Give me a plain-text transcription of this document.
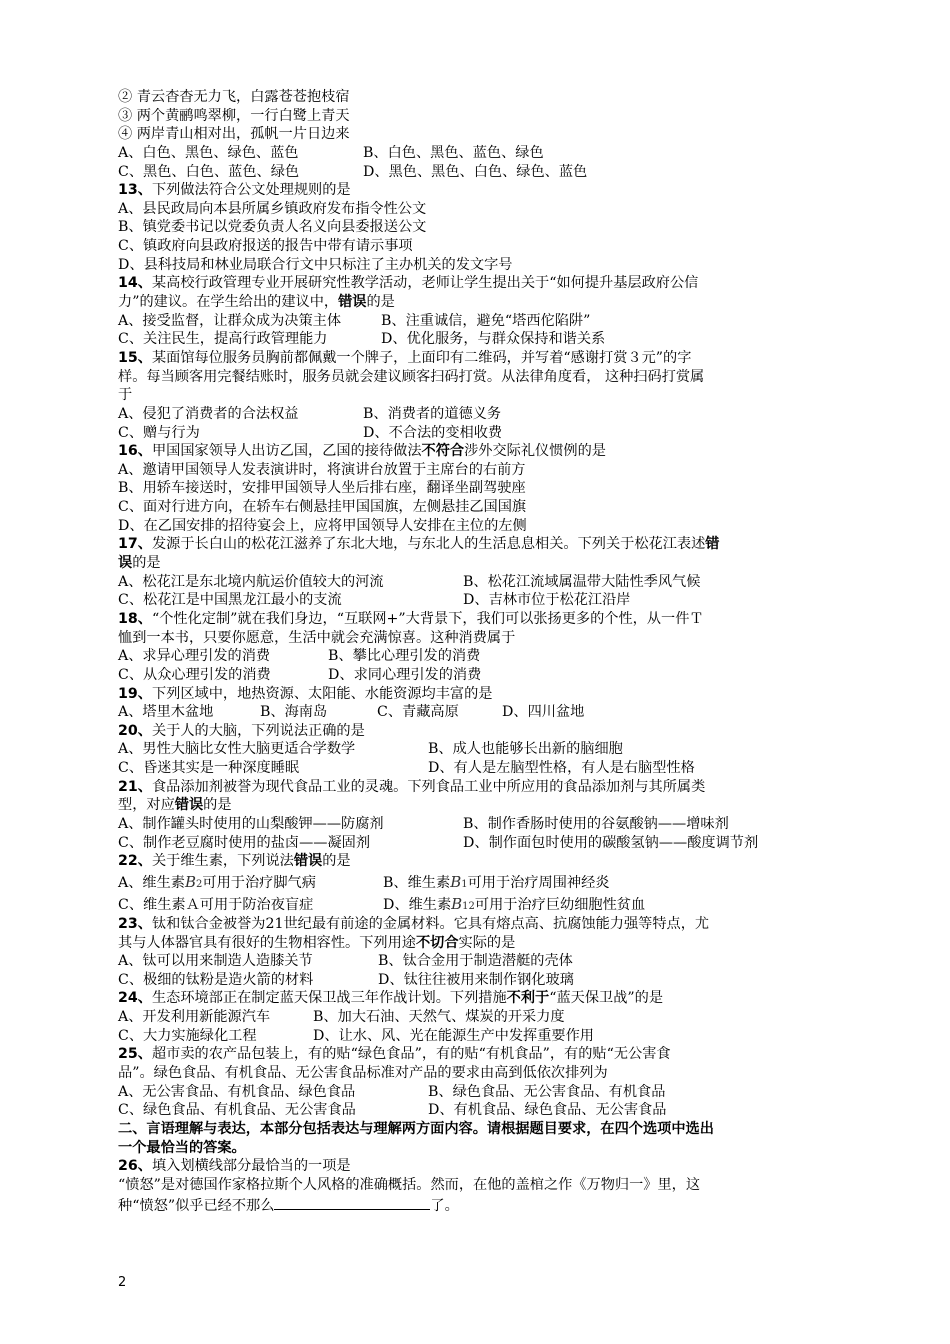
② 青云杳杳无力飞，白露苍苍抱枝宿
③ 两个黄鹂鸣翠柳，一行白鹭上青天
④ 两岸青山相对出，孤帆一片日边来
A、白色、黑色、绿色、蓝色	B、白色、黑色、蓝色、绿色
C、黑色、白色、蓝色、绿色	D、黑色、黑色、白色、绿色、蓝色
13、下列做法符合公文处理规则的是
A、县民政局向本县所属乡镇政府发布指令性公文
B、镇党委书记以党委负责人名义向县委报送公文
C、镇政府向县政府报送的报告中带有请示事项
D、县科技局和林业局联合行文中只标注了主办机关的发文字号
14、某高校行政管理专业开展研究性教学活动，老师让学生提出关于“如何提升基层政府公信
力”的建议。在学生给出的建议中，错误的是
A、接受监督，让群众成为决策主体	B、注重诚信，避免“塔西佗陷阱”
C、关注民生，提高行政管理能力	D、优化服务，与群众保持和谐关系
15、某面馆每位服务员胸前都佩戴一个牌子，上面印有二维码，并写着“感谢打赏３元”的字
样。每当顾客用完餐结账时，服务员就会建议顾客扫码打赏。从法律角度看， 这种扫码打赏属
于
A、侵犯了消费者的合法权益	B、消费者的道德义务
C、赠与行为	D、不合法的变相收费
16、甲国国家领导人出访乙国，乙国的接待做法不符合涉外交际礼仪惯例的是
A、邀请甲国领导人发表演讲时，将演讲台放置于主席台的右前方
B、用轿车接送时，安排甲国领导人坐后排右座，翻译坐副驾驶座
C、面对行进方向，在轿车右侧悬挂甲国国旗，左侧悬挂乙国国旗
D、在乙国安排的招待宴会上，应将甲国领导人安排在主位的左侧
17、发源于长白山的松花江滋养了东北大地，与东北人的生活息息相关。下列关于松花江表述错
误的是
A、松花江是东北境内航运价值较大的河流	B、松花江流域属温带大陆性季风气候
C、松花江是中国黑龙江最小的支流	D、吉林市位于松花江沿岸
18、“个性化定制”就在我们身边，“互联网+”大背景下，我们可以张扬更多的个性，从一件Ｔ
恤到一本书，只要你愿意，生活中就会充满惊喜。这种消费属于
A、求异心理引发的消费	B、攀比心理引发的消费
C、从众心理引发的消费	D、求同心理引发的消费
19、下列区域中，地热资源、太阳能、水能资源均丰富的是
A、塔里木盆地	B、海南岛	C、青藏高原	D、四川盆地
20、关于人的大脑，下列说法正确的是
A、男性大脑比女性大脑更适合学数学	B、成人也能够长出新的脑细胞
C、昏迷其实是一种深度睡眠	D、有人是左脑型性格，有人是右脑型性格
21、食品添加剂被誉为现代食品工业的灵魂。下列食品工业中所应用的食品添加剂与其所属类
型，对应错误的是
A、制作罐头时使用的山梨酸钾——防腐剂	B、制作香肠时使用的谷氨酸钠——增味剂
C、制作老豆腐时使用的盐卤——凝固剂	D、制作面包时使用的碳酸氢钠——酸度调节剂
22、关于维生素，下列说法错误的是
A、维生素B2可用于治疗脚气病	B、维生素B1可用于治疗周围神经炎
C、维生素Ａ可用于防治夜盲症	D、维生素B12可用于治疗巨幼细胞性贫血
23、钛和钛合金被誉为21世纪最有前途的金属材料。它具有熔点高、抗腐蚀能力强等特点，尤
其与人体器官具有很好的生物相容性。下列用途不切合实际的是
A、钛可以用来制造人造膝关节	B、钛合金用于制造潜艇的壳体
C、极细的钛粉是造火箭的材料	D、钛往往被用来制作钢化玻璃
24、生态环境部正在制定蓝天保卫战三年作战计划。下列措施不利于“蓝天保卫战”的是
A、开发利用新能源汽车	B、加大石油、天然气、煤炭的开采力度
C、大力实施绿化工程	D、让水、风、光在能源生产中发挥重要作用
25、超市卖的农产品包装上，有的贴“绿色食品”，有的贴“有机食品”，有的贴“无公害食
品”。绿色食品、有机食品、无公害食品标准对产品的要求由高到低依次排列为
A、无公害食品、有机食品、绿色食品	B、绿色食品、无公害食品、有机食品
C、绿色食品、有机食品、无公害食品	D、有机食品、绿色食品、无公害食品
二、言语理解与表达，本部分包括表达与理解两方面内容。请根据题目要求，在四个选项中选出
一个最恰当的答案。
26、填入划横线部分最恰当的一项是
“愤怒”是对德国作家格拉斯个人风格的准确概括。然而，在他的盖棺之作《万物归一》里，这
种“愤怒”似乎已经不那么	了。
2
